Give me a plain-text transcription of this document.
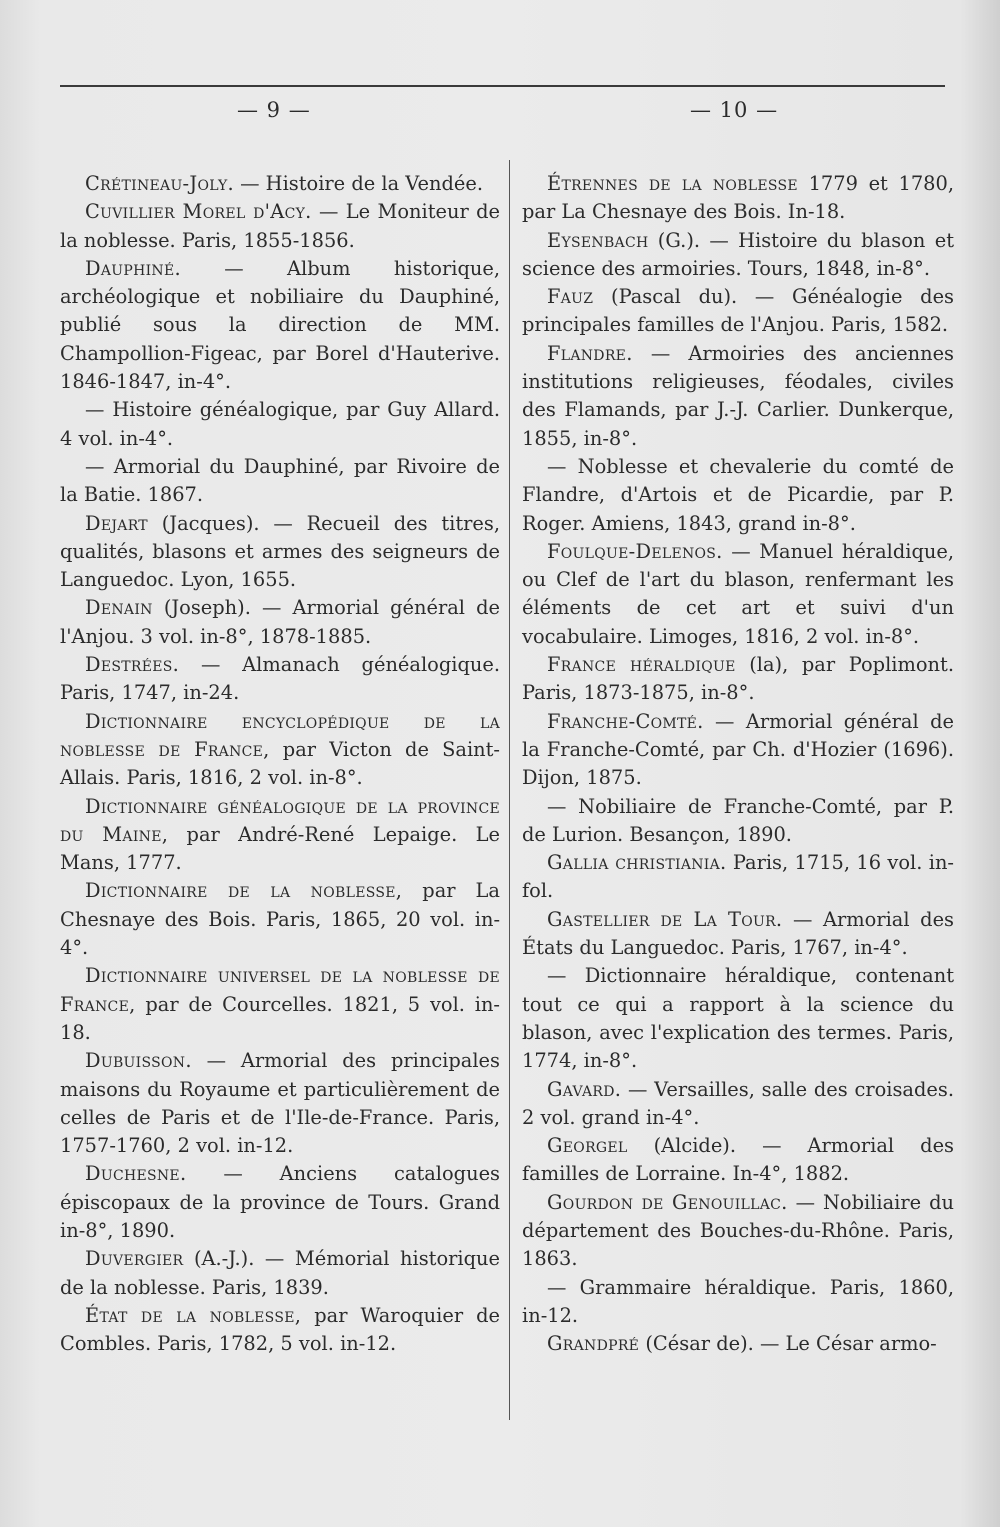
— 9 —	— 10 —

Crétineau-Joly. — Histoire de la Vendée.

Cuvillier Morel d'Acy. — Le Moniteur de la noblesse. Paris, 1855-1856.

Dauphiné. — Album historique, archéologique et nobiliaire du Dauphiné, publié sous la direction de MM. Champollion-Figeac, par Borel d'Hauterive. 1846-1847, in-4°.

— Histoire généalogique, par Guy Allard. 4 vol. in-4°.

— Armorial du Dauphiné, par Rivoire de la Batie. 1867.

Dejart (Jacques). — Recueil des titres, qualités, blasons et armes des seigneurs de Languedoc. Lyon, 1655.

Denain (Joseph). — Armorial général de l'Anjou. 3 vol. in-8°, 1878-1885.

Destrées. — Almanach généalogique. Paris, 1747, in-24.

Dictionnaire encyclopédique de la noblesse de France, par Victon de Saint-Allais. Paris, 1816, 2 vol. in-8°.

Dictionnaire généalogique de la province du Maine, par André-René Lepaige. Le Mans, 1777.

Dictionnaire de la noblesse, par La Chesnaye des Bois. Paris, 1865, 20 vol. in-4°.

Dictionnaire universel de la noblesse de France, par de Courcelles. 1821, 5 vol. in-18.

Dubuisson. — Armorial des principales maisons du Royaume et particulièrement de celles de Paris et de l'Ile-de-France. Paris, 1757-1760, 2 vol. in-12.

Duchesne. — Anciens catalogues épiscopaux de la province de Tours. Grand in-8°, 1890.

Duvergier (A.-J.). — Mémorial historique de la noblesse. Paris, 1839.

État de la noblesse, par Waroquier de Combles. Paris, 1782, 5 vol. in-12.

Étrennes de la noblesse 1779 et 1780, par La Chesnaye des Bois. In-18.

Eysenbach (G.). — Histoire du blason et science des armoiries. Tours, 1848, in-8°.

Fauz (Pascal du). — Généalogie des principales familles de l'Anjou. Paris, 1582.

Flandre. — Armoiries des anciennes institutions religieuses, féodales, civiles des Flamands, par J.-J. Carlier. Dunkerque, 1855, in-8°.

— Noblesse et chevalerie du comté de Flandre, d'Artois et de Picardie, par P. Roger. Amiens, 1843, grand in-8°.

Foulque-Delenos. — Manuel héraldique, ou Clef de l'art du blason, renfermant les éléments de cet art et suivi d'un vocabulaire. Limoges, 1816, 2 vol. in-8°.

France héraldique (la), par Poplimont. Paris, 1873-1875, in-8°.

Franche-Comté. — Armorial général de la Franche-Comté, par Ch. d'Hozier (1696). Dijon, 1875.

— Nobiliaire de Franche-Comté, par P. de Lurion. Besançon, 1890.

Gallia christiania. Paris, 1715, 16 vol. in-fol.

Gastellier de La Tour. — Armorial des États du Languedoc. Paris, 1767, in-4°.

— Dictionnaire héraldique, contenant tout ce qui a rapport à la science du blason, avec l'explication des termes. Paris, 1774, in-8°.

Gavard. — Versailles, salle des croisades. 2 vol. grand in-4°.

Georgel (Alcide). — Armorial des familles de Lorraine. In-4°, 1882.

Gourdon de Genouillac. — Nobiliaire du département des Bouches-du-Rhône. Paris, 1863.

— Grammaire héraldique. Paris, 1860, in-12.

Grandpré (César de). — Le César armo-
